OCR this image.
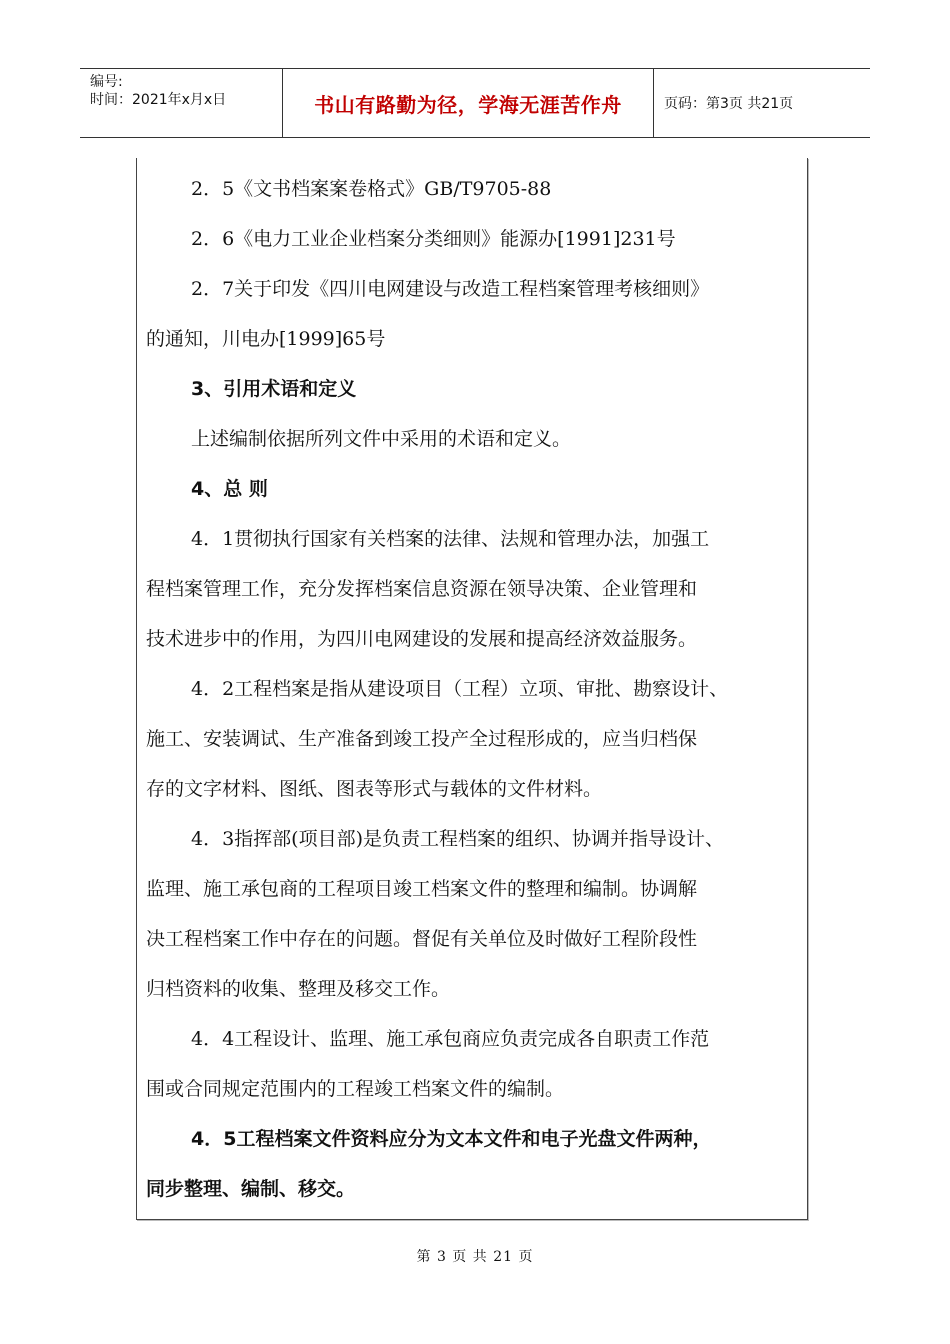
编号:
时间：2021年x月x日	书山有路勤为径，学海无涯苦作舟	页码：第3页 共21页

2．5《文书档案案卷格式》GB/T9705-88

2．6《电力工业企业档案分类细则》能源办[1991]231号

2．7关于印发《四川电网建设与改造工程档案管理考核细则》

的通知，川电办[1999]65号

3、引用术语和定义

上述编制依据所列文件中采用的术语和定义。

4、总 则

4．1贯彻执行国家有关档案的法律、法规和管理办法，加强工

程档案管理工作，充分发挥档案信息资源在领导决策、企业管理和

技术进步中的作用，为四川电网建设的发展和提高经济效益服务。

4．2工程档案是指从建设项目（工程）立项、审批、勘察设计、

施工、安装调试、生产准备到竣工投产全过程形成的，应当归档保

存的文字材料、图纸、图表等形式与载体的文件材料。

4．3指挥部(项目部)是负责工程档案的组织、协调并指导设计、

监理、施工承包商的工程项目竣工档案文件的整理和编制。协调解

决工程档案工作中存在的问题。督促有关单位及时做好工程阶段性

归档资料的收集、整理及移交工作。

4．4工程设计、监理、施工承包商应负责完成各自职责工作范

围或合同规定范围内的工程竣工档案文件的编制。

4．5工程档案文件资料应分为文本文件和电子光盘文件两种，

同步整理、编制、移交。

第 3 页 共 21 页
